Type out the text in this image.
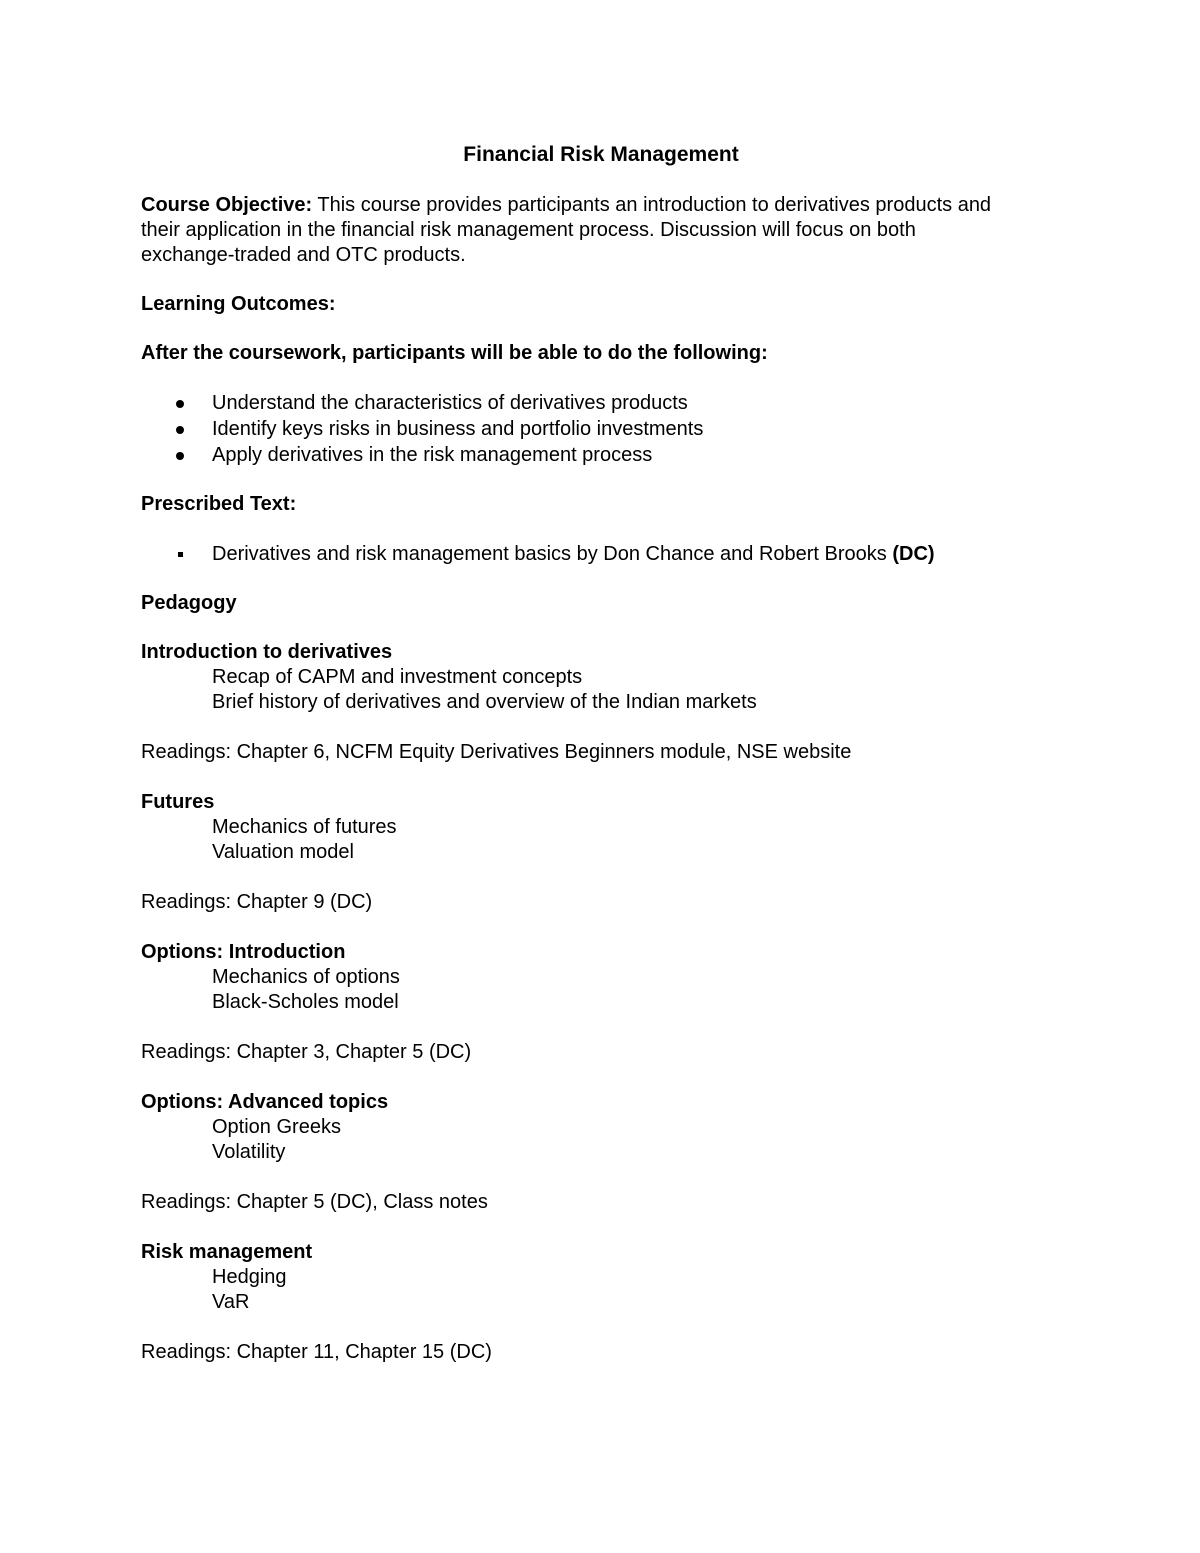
Financial Risk Management

Course Objective: This course provides participants an introduction to derivatives products and

their application in the financial risk management process. Discussion will focus on both

exchange-traded and OTC products.

Learning Outcomes:

After the coursework, participants will be able to do the following:

Understand the characteristics of derivatives products
Identify keys risks in business and portfolio investments
Apply derivatives in the risk management process

Prescribed Text:

Derivatives and risk management basics by Don Chance and Robert Brooks (DC)

Pedagogy

Introduction to derivatives

Recap of CAPM and investment concepts

Brief history of derivatives and overview of the Indian markets

Readings: Chapter 6, NCFM Equity Derivatives Beginners module, NSE website

Futures

Mechanics of futures

Valuation model

Readings: Chapter 9 (DC)

Options: Introduction

Mechanics of options

Black-Scholes model

Readings: Chapter 3, Chapter 5 (DC)

Options: Advanced topics

Option Greeks

Volatility

Readings: Chapter 5 (DC), Class notes

Risk management

Hedging

VaR

Readings: Chapter 11, Chapter 15 (DC)
